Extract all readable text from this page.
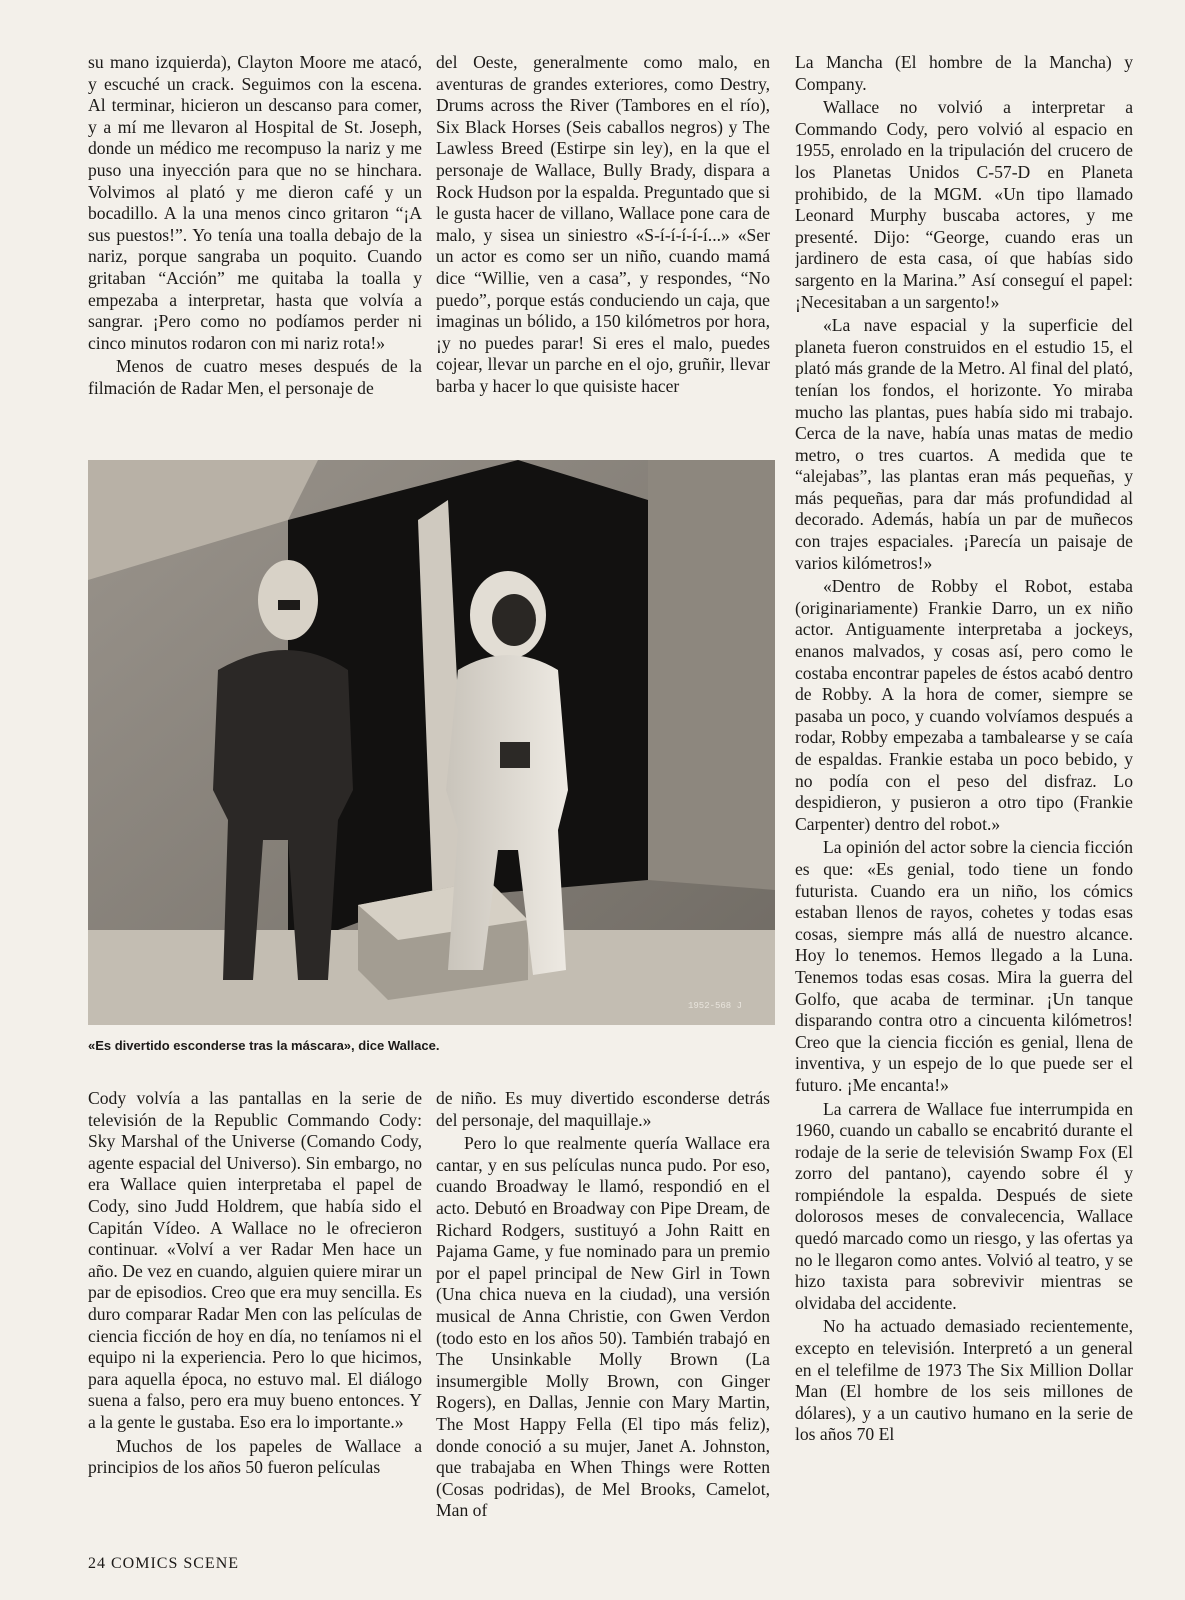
su mano izquierda), Clayton Moore me atacó, y escuché un crack. Seguimos con la escena. Al terminar, hicieron un descanso para comer, y a mí me llevaron al Hospital de St. Joseph, donde un médico me recompuso la nariz y me puso una inyección para que no se hinchara. Volvimos al plató y me dieron café y un bocadillo. A la una menos cinco gritaron “¡A sus puestos!”. Yo tenía una toalla debajo de la nariz, porque sangraba un poquito. Cuando gritaban “Acción” me quitaba la toalla y empezaba a interpretar, hasta que volvía a sangrar. ¡Pero como no podíamos perder ni cinco minutos rodaron con mi nariz rota!»

Menos de cuatro meses después de la filmación de Radar Men, el personaje de

del Oeste, generalmente como malo, en aventuras de grandes exteriores, como Destry, Drums across the River (Tambores en el río), Six Black Horses (Seis caballos negros) y The Lawless Breed (Estirpe sin ley), en la que el personaje de Wallace, Bully Brady, dispara a Rock Hudson por la espalda. Preguntado que si le gusta hacer de villano, Wallace pone cara de malo, y sisea un siniestro «S-í-í-í-í-í...» «Ser un actor es como ser un niño, cuando mamá dice “Willie, ven a casa”, y respondes, “No puedo”, porque estás conduciendo un caja, que imaginas un bólido, a 150 kilómetros por hora, ¡y no puedes parar! Si eres el malo, puedes cojear, llevar un parche en el ojo, gruñir, llevar barba y hacer lo que quisiste hacer

1952-568 J
«Es divertido esconderse tras la máscara», dice Wallace.

Cody volvía a las pantallas en la serie de televisión de la Republic Commando Cody: Sky Marshal of the Universe (Comando Cody, agente espacial del Universo). Sin embargo, no era Wallace quien interpretaba el papel de Cody, sino Judd Holdrem, que había sido el Capitán Vídeo. A Wallace no le ofrecieron continuar. «Volví a ver Radar Men hace un año. De vez en cuando, alguien quiere mirar un par de episodios. Creo que era muy sencilla. Es duro comparar Radar Men con las películas de ciencia ficción de hoy en día, no teníamos ni el equipo ni la experiencia. Pero lo que hicimos, para aquella época, no estuvo mal. El diálogo suena a falso, pero era muy bueno entonces. Y a la gente le gustaba. Eso era lo importante.»

Muchos de los papeles de Wallace a principios de los años 50 fueron películas

de niño. Es muy divertido esconderse detrás del personaje, del maquillaje.»

Pero lo que realmente quería Wallace era cantar, y en sus películas nunca pudo. Por eso, cuando Broadway le llamó, respondió en el acto. Debutó en Broadway con Pipe Dream, de Richard Rodgers, sustituyó a John Raitt en Pajama Game, y fue nominado para un premio por el papel principal de New Girl in Town (Una chica nueva en la ciudad), una versión musical de Anna Christie, con Gwen Verdon (todo esto en los años 50). También trabajó en The Unsinkable Molly Brown (La insumergible Molly Brown, con Ginger Rogers), en Dallas, Jennie con Mary Martin, The Most Happy Fella (El tipo más feliz), donde conoció a su mujer, Janet A. Johnston, que trabajaba en When Things were Rotten (Cosas podridas), de Mel Brooks, Camelot, Man of

La Mancha (El hombre de la Mancha) y Company.

Wallace no volvió a interpretar a Commando Cody, pero volvió al espacio en 1955, enrolado en la tripulación del crucero de los Planetas Unidos C-57-D en Planeta prohibido, de la MGM. «Un tipo llamado Leonard Murphy buscaba actores, y me presenté. Dijo: “George, cuando eras un jardinero de esta casa, oí que habías sido sargento en la Marina.” Así conseguí el papel: ¡Necesitaban a un sargento!»

«La nave espacial y la superficie del planeta fueron construidos en el estudio 15, el plató más grande de la Metro. Al final del plató, tenían los fondos, el horizonte. Yo miraba mucho las plantas, pues había sido mi trabajo. Cerca de la nave, había unas matas de medio metro, o tres cuartos. A medida que te “alejabas”, las plantas eran más pequeñas, y más pequeñas, para dar más profundidad al decorado. Además, había un par de muñecos con trajes espaciales. ¡Parecía un paisaje de varios kilómetros!»

«Dentro de Robby el Robot, estaba (originariamente) Frankie Darro, un ex niño actor. Antiguamente interpretaba a jockeys, enanos malvados, y cosas así, pero como le costaba encontrar papeles de éstos acabó dentro de Robby. A la hora de comer, siempre se pasaba un poco, y cuando volvíamos después a rodar, Robby empezaba a tambalearse y se caía de espaldas. Frankie estaba un poco bebido, y no podía con el peso del disfraz. Lo despidieron, y pusieron a otro tipo (Frankie Carpenter) dentro del robot.»

La opinión del actor sobre la ciencia ficción es que: «Es genial, todo tiene un fondo futurista. Cuando era un niño, los cómics estaban llenos de rayos, cohetes y todas esas cosas, siempre más allá de nuestro alcance. Hoy lo tenemos. Hemos llegado a la Luna. Tenemos todas esas cosas. Mira la guerra del Golfo, que acaba de terminar. ¡Un tanque disparando contra otro a cincuenta kilómetros! Creo que la ciencia ficción es genial, llena de inventiva, y un espejo de lo que puede ser el futuro. ¡Me encanta!»

La carrera de Wallace fue interrumpida en 1960, cuando un caballo se encabritó durante el rodaje de la serie de televisión Swamp Fox (El zorro del pantano), cayendo sobre él y rompiéndole la espalda. Después de siete dolorosos meses de convalecencia, Wallace quedó marcado como un riesgo, y las ofertas ya no le llegaron como antes. Volvió al teatro, y se hizo taxista para sobrevivir mientras se olvidaba del accidente.

No ha actuado demasiado recientemente, excepto en televisión. Interpretó a un general en el telefilme de 1973 The Six Million Dollar Man (El hombre de los seis millones de dólares), y a un cautivo humano en la serie de los años 70 El

24 COMICS SCENE
